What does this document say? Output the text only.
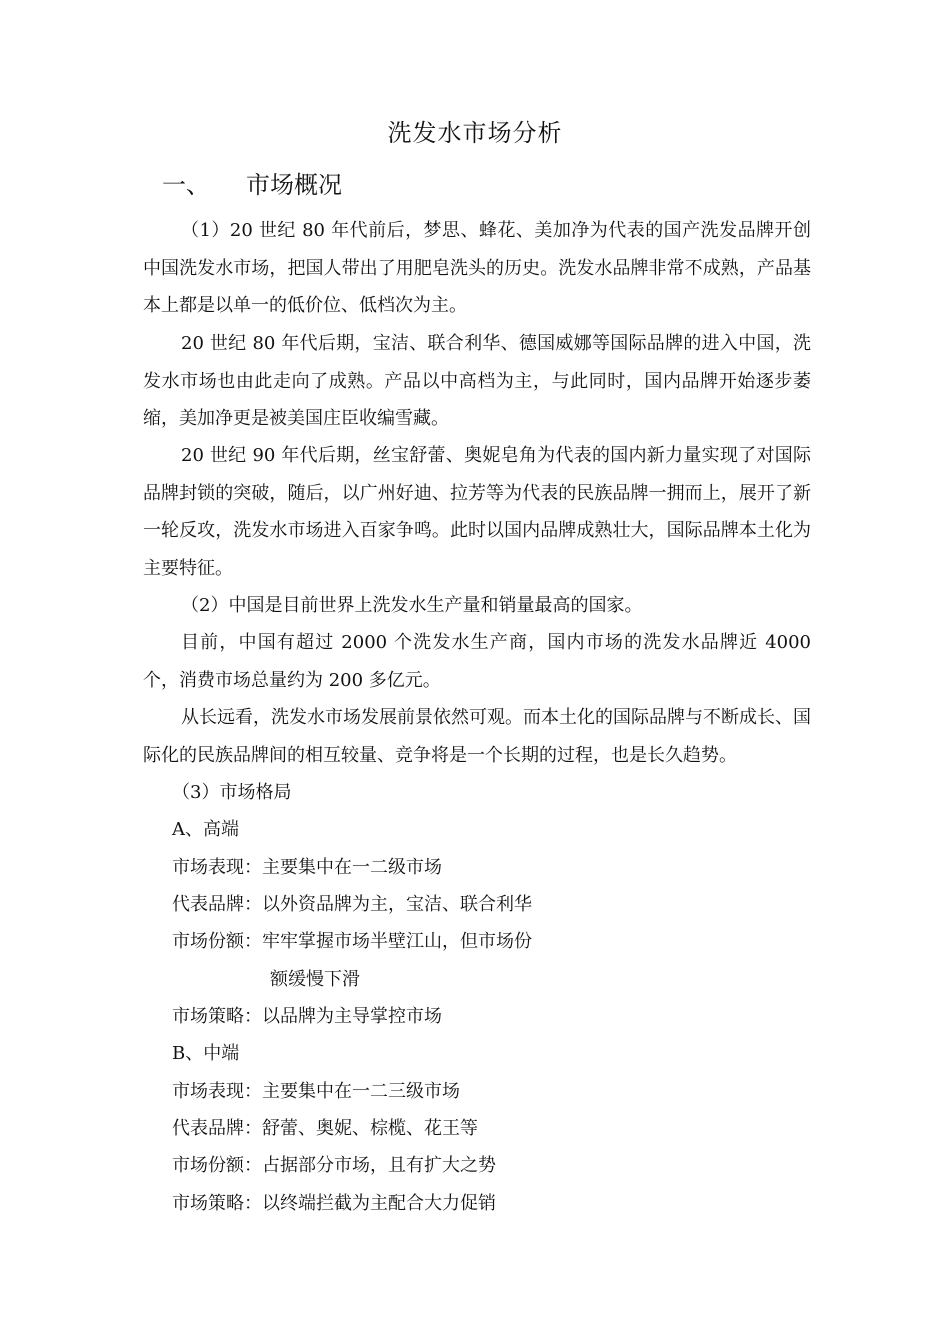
洗发水市场分析
一、 市场概况

（1）20 世纪 80 年代前后，梦思、蜂花、美加净为代表的国产洗发品牌开创中国洗发水市场，把国人带出了用肥皂洗头的历史。洗发水品牌非常不成熟，产品基本上都是以单一的低价位、低档次为主。

20 世纪 80 年代后期，宝洁、联合利华、德国威娜等国际品牌的进入中国，洗发水市场也由此走向了成熟。产品以中高档为主，与此同时，国内品牌开始逐步萎缩，美加净更是被美国庄臣收编雪藏。

20 世纪 90 年代后期，丝宝舒蕾、奥妮皂角为代表的国内新力量实现了对国际品牌封锁的突破，随后，以广州好迪、拉芳等为代表的民族品牌一拥而上，展开了新一轮反攻，洗发水市场进入百家争鸣。此时以国内品牌成熟壮大，国际品牌本土化为主要特征。

（2）中国是目前世界上洗发水生产量和销量最高的国家。

目前，中国有超过 2000 个洗发水生产商，国内市场的洗发水品牌近 4000 个，消费市场总量约为 200 多亿元。

从长远看，洗发水市场发展前景依然可观。而本土化的国际品牌与不断成长、国际化的民族品牌间的相互较量、竞争将是一个长期的过程，也是长久趋势。

（3）市场格局
A、高端
市场表现：主要集中在一二级市场
代表品牌：以外资品牌为主，宝洁、联合利华
市场份额：牢牢掌握市场半壁江山，但市场份
额缓慢下滑
市场策略：以品牌为主导掌控市场
B、中端
市场表现：主要集中在一二三级市场
代表品牌：舒蕾、奥妮、棕榄、花王等
市场份额：占据部分市场，且有扩大之势
市场策略：以终端拦截为主配合大力促销
